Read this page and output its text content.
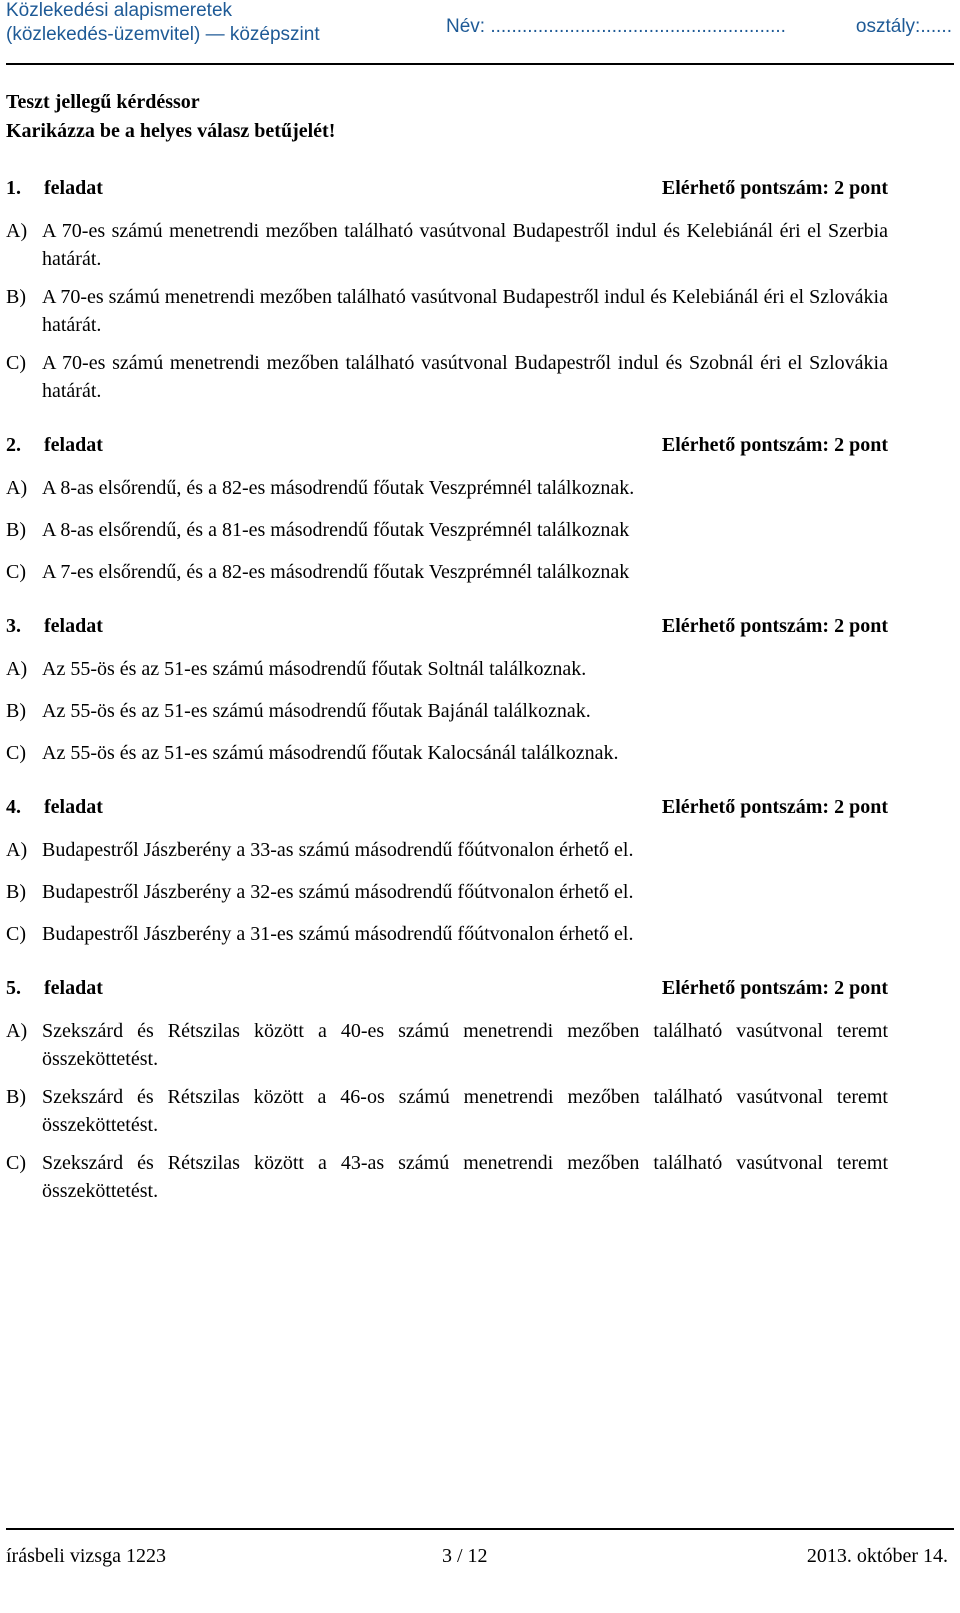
Közlekedési alapismeretek
(közlekedés-üzemvitel) — középszint	Név: ........................................................	osztály:......
Teszt jellegű kérdéssor
Karikázza be a helyes válasz betűjelét!
1.	feladat	Elérhető pontszám: 2 pont
A) A 70-es számú menetrendi mezőben található vasútvonal Budapestről indul és Kelebiánál éri el Szerbia határát.
B) A 70-es számú menetrendi mezőben található vasútvonal Budapestről indul és Kelebiánál éri el Szlovákia határát.
C) A 70-es számú menetrendi mezőben található vasútvonal Budapestről indul és Szobnál éri el Szlovákia határát.
2.	feladat	Elérhető pontszám: 2 pont
A) A 8-as elsőrendű, és a 82-es másodrendű főutak Veszprémnél találkoznak.
B) A 8-as elsőrendű, és a 81-es másodrendű főutak Veszprémnél találkoznak
C) A 7-es elsőrendű, és a 82-es másodrendű főutak Veszprémnél találkoznak
3.	feladat	Elérhető pontszám: 2 pont
A) Az 55-ös és az 51-es számú másodrendű főutak Soltnál találkoznak.
B) Az 55-ös és az 51-es számú másodrendű főutak Bajánál találkoznak.
C) Az 55-ös és az 51-es számú másodrendű főutak Kalocsánál találkoznak.
4.	feladat	Elérhető pontszám: 2 pont
A) Budapestről Jászberény a 33-as számú másodrendű főútvonalon érhető el.
B) Budapestről Jászberény a 32-es számú másodrendű főútvonalon érhető el.
C) Budapestről Jászberény a 31-es számú másodrendű főútvonalon érhető el.
5.	feladat	Elérhető pontszám: 2 pont
A) Szekszárd és Rétszilas között a 40-es számú menetrendi mezőben található vasútvonal teremt összeköttetést.
B) Szekszárd és Rétszilas között a 46-os számú menetrendi mezőben található vasútvonal teremt összeköttetést.
C) Szekszárd és Rétszilas között a 43-as számú menetrendi mezőben található vasútvonal teremt összeköttetést.
írásbeli vizsga 1223	3 / 12	2013. október 14.
